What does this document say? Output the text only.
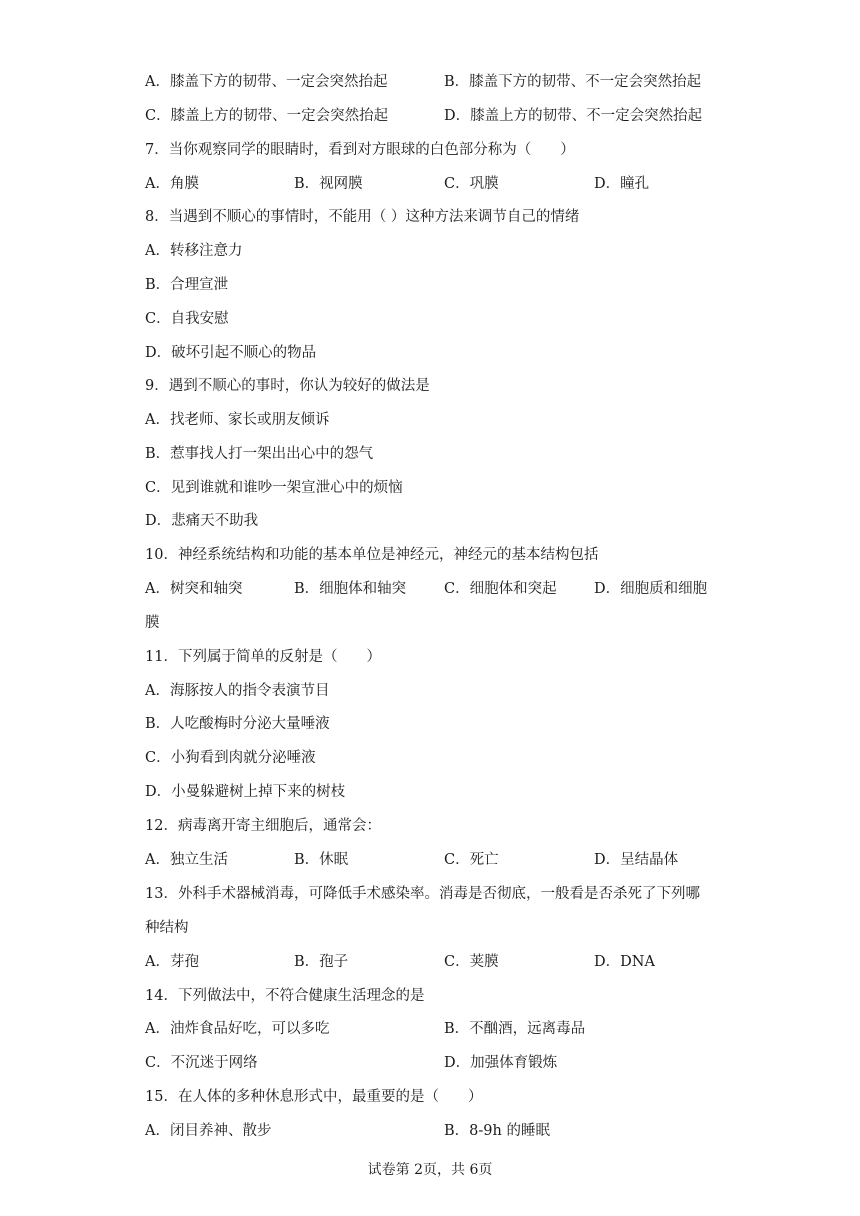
A．膝盖下方的韧带、一定会突然抬起	B．膝盖下方的韧带、不一定会突然抬起
C．膝盖上方的韧带、一定会突然抬起	D．膝盖上方的韧带、不一定会突然抬起
7．当你观察同学的眼睛时，看到对方眼球的白色部分称为（　　）
A．角膜	B．视网膜	C．巩膜	D．瞳孔
8．当遇到不顺心的事情时，不能用（ ）这种方法来调节自己的情绪
A．转移注意力
B．合理宣泄
C．自我安慰
D．破坏引起不顺心的物品
9．遇到不顺心的事时，你认为较好的做法是
A．找老师、家长或朋友倾诉
B．惹事找人打一架出出心中的怨气
C．见到谁就和谁吵一架宣泄心中的烦恼
D．悲痛天不助我
10．神经系统结构和功能的基本单位是神经元，神经元的基本结构包括
A．树突和轴突	B．细胞体和轴突	C．细胞体和突起	D．细胞质和细胞
膜
11．下列属于简单的反射是（　　）
A．海豚按人的指令表演节目
B．人吃酸梅时分泌大量唾液
C．小狗看到肉就分泌唾液
D．小曼躲避树上掉下来的树枝
12．病毒离开寄主细胞后，通常会：
A．独立生活	B．休眠	C．死亡	D．呈结晶体
13．外科手术器械消毒，可降低手术感染率。消毒是否彻底，一般看是否杀死了下列哪
种结构
A．芽孢	B．孢子	C．荚膜	D．DNA
14．下列做法中，不符合健康生活理念的是
A．油炸食品好吃，可以多吃	B．不酗酒，远离毒品
C．不沉迷于网络	D．加强体育锻炼
15．在人体的多种休息形式中，最重要的是（　　）
A．闭目养神、散步	B．8-9h 的睡眠
试卷第 2页，共 6页
